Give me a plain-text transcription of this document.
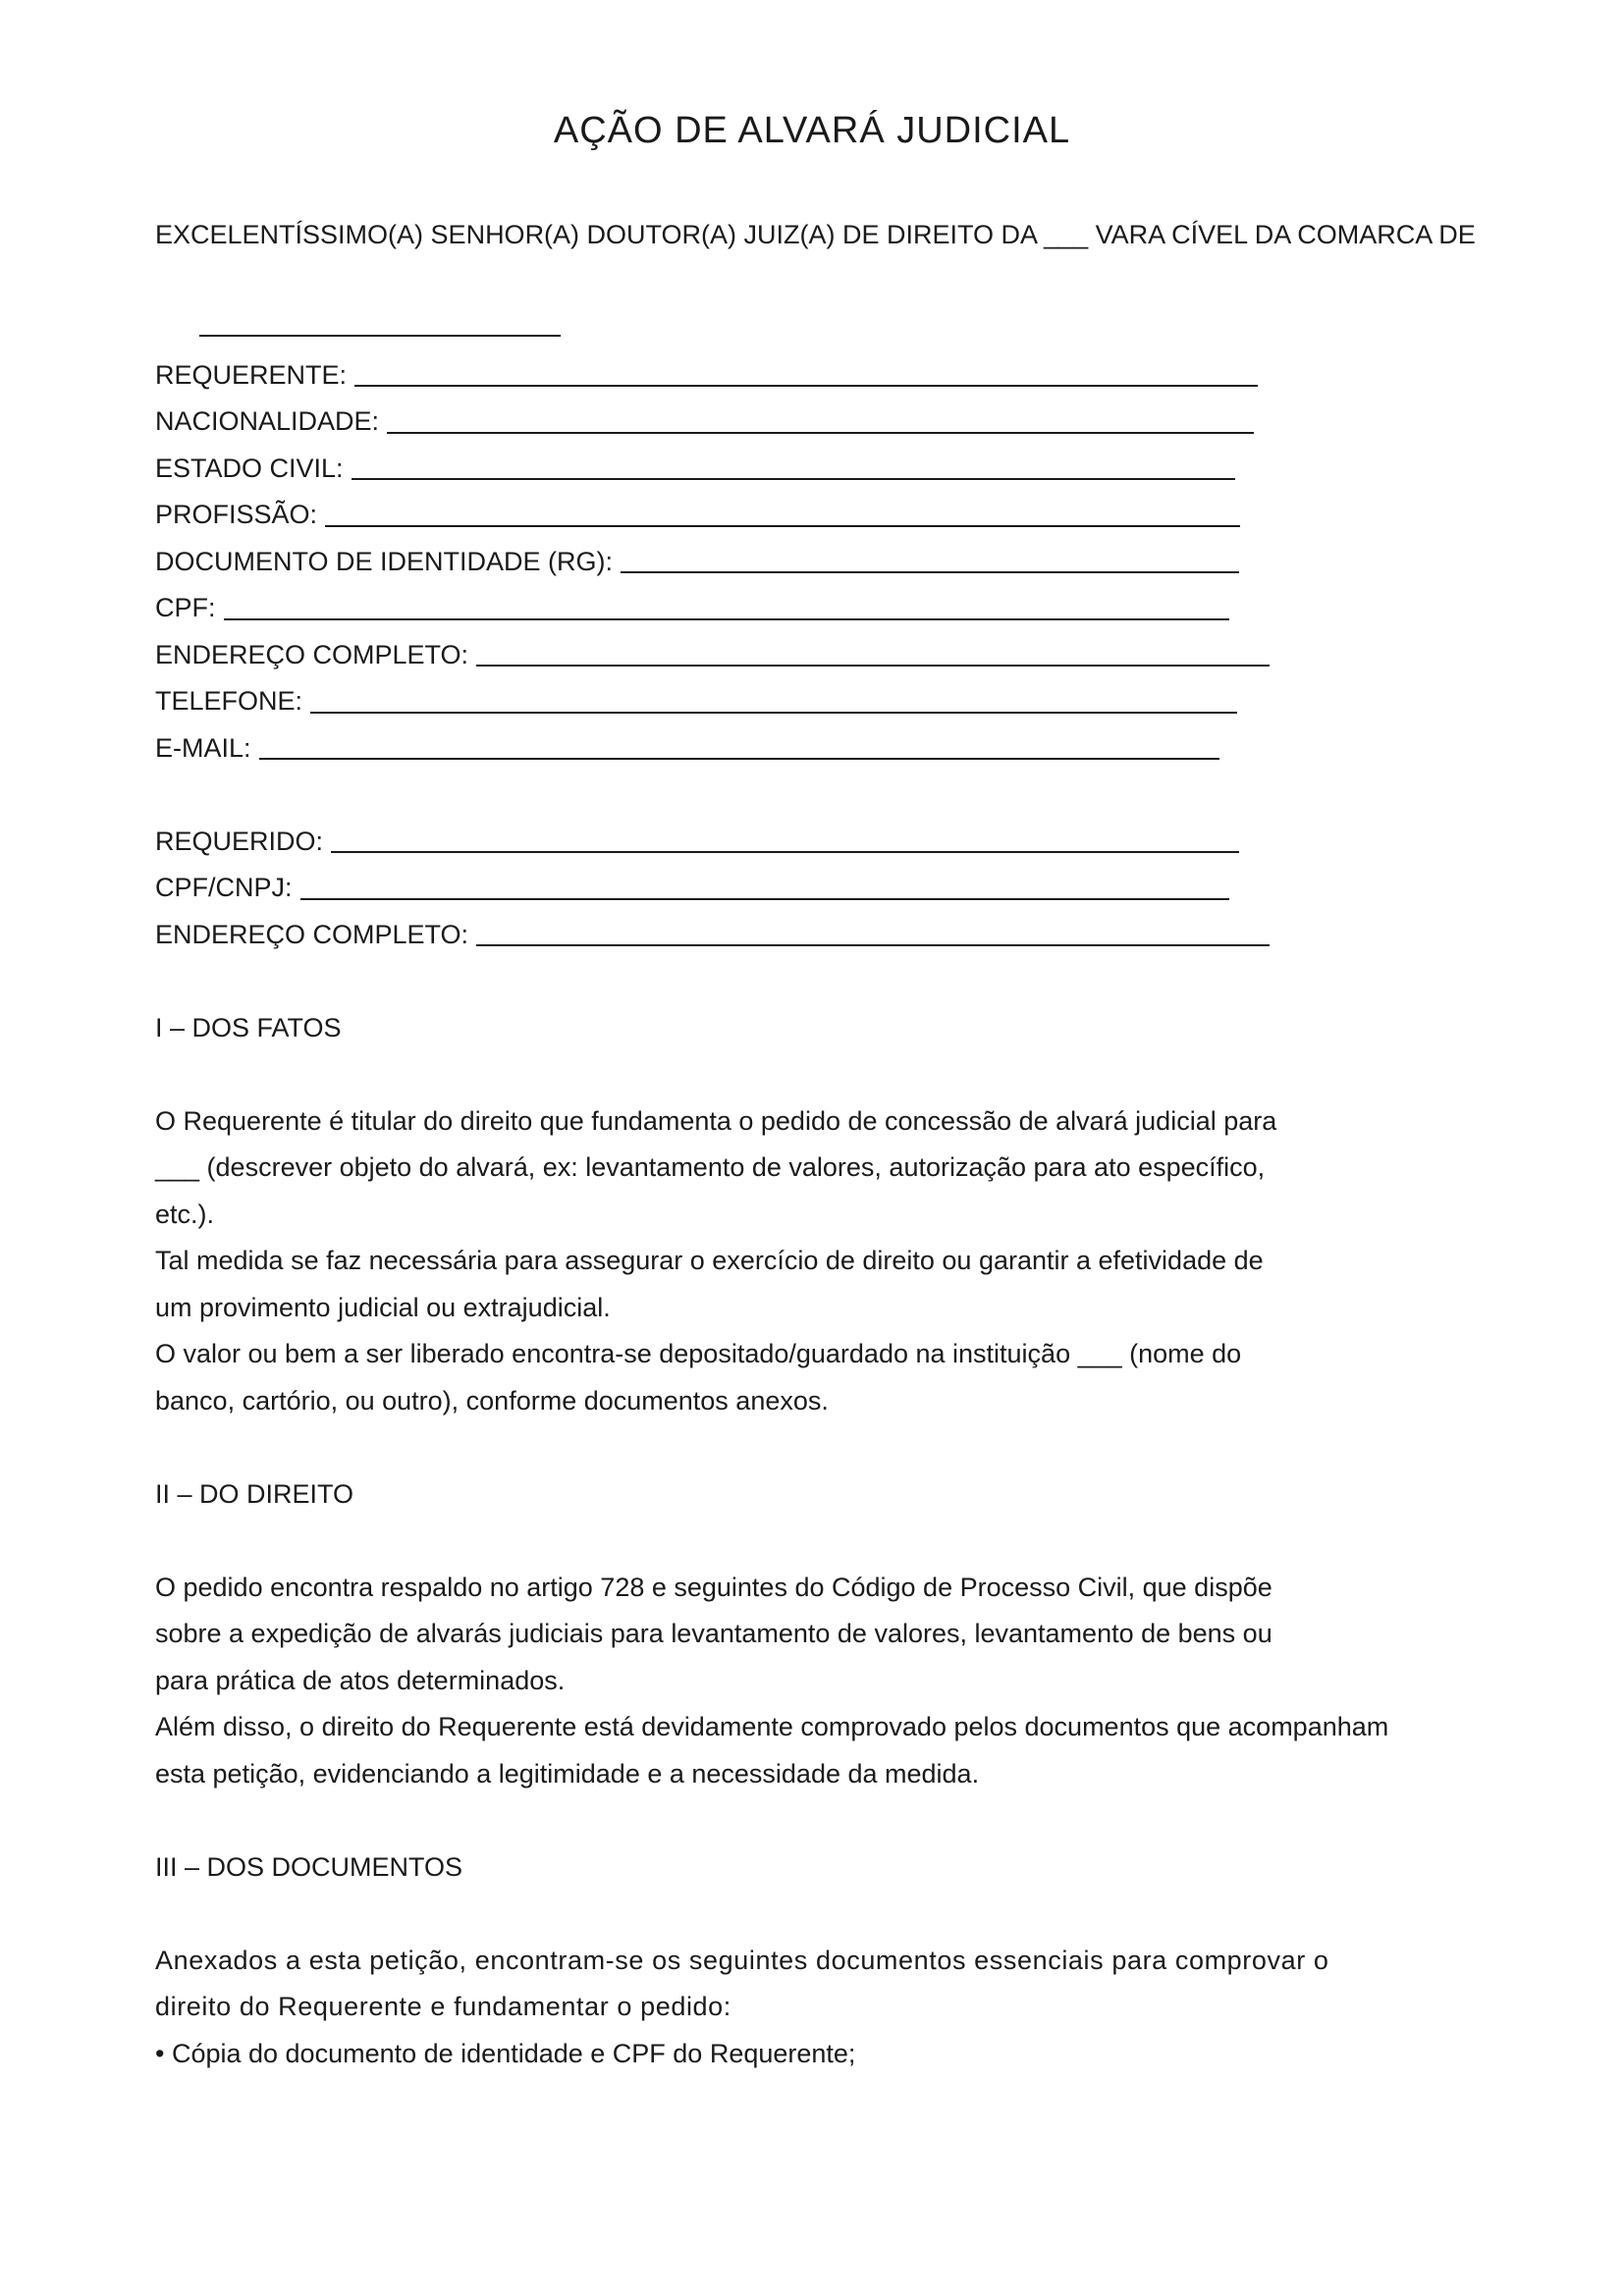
AÇÃO DE ALVARÁ JUDICIAL
EXCELENTÍSSIMO(A) SENHOR(A) DOUTOR(A) JUIZ(A) DE DIREITO DA ___ VARA CÍVEL DA COMARCA DE

REQUERENTE:
NACIONALIDADE:
ESTADO CIVIL:
PROFISSÃO:
DOCUMENTO DE IDENTIDADE (RG):
CPF:
ENDEREÇO COMPLETO:
TELEFONE:
E-MAIL:
REQUERIDO:
CPF/CNPJ:
ENDEREÇO COMPLETO:
I – DOS FATOS
O Requerente é titular do direito que fundamenta o pedido de concessão de alvará judicial para
___ (descrever objeto do alvará, ex: levantamento de valores, autorização para ato específico,
etc.).
Tal medida se faz necessária para assegurar o exercício de direito ou garantir a efetividade de
um provimento judicial ou extrajudicial.
O valor ou bem a ser liberado encontra-se depositado/guardado na instituição ___ (nome do
banco, cartório, ou outro), conforme documentos anexos.
II – DO DIREITO
O pedido encontra respaldo no artigo 728 e seguintes do Código de Processo Civil, que dispõe
sobre a expedição de alvarás judiciais para levantamento de valores, levantamento de bens ou
para prática de atos determinados.
Além disso, o direito do Requerente está devidamente comprovado pelos documentos que acompanham
esta petição, evidenciando a legitimidade e a necessidade da medida.
III – DOS DOCUMENTOS
Anexados a esta petição, encontram-se os seguintes documentos essenciais para comprovar o
direito do Requerente e fundamentar o pedido:
• Cópia do documento de identidade e CPF do Requerente;
